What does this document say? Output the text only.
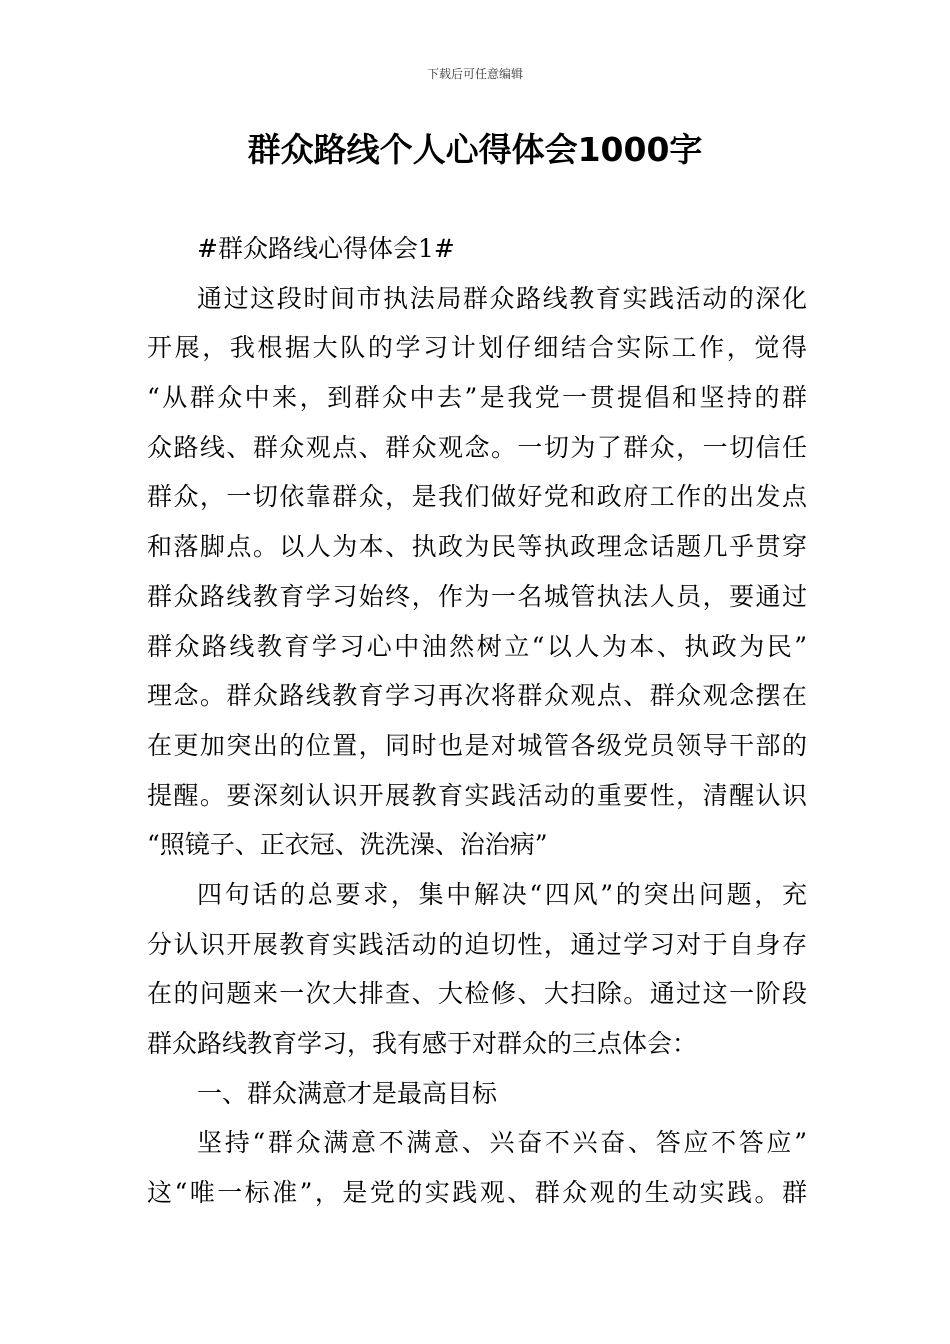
下载后可任意编辑
群众路线个人心得体会1000字
#群众路线心得体会1#
通过这段时间市执法局群众路线教育实践活动的深化
开展，我根据大队的学习计划仔细结合实际工作，觉得
“从群众中来，到群众中去”是我党一贯提倡和坚持的群
众路线、群众观点、群众观念。一切为了群众，一切信任
群众，一切依靠群众，是我们做好党和政府工作的出发点
和落脚点。以人为本、执政为民等执政理念话题几乎贯穿
群众路线教育学习始终，作为一名城管执法人员，要通过
群众路线教育学习心中油然树立“以人为本、执政为民”
理念。群众路线教育学习再次将群众观点、群众观念摆在
在更加突出的位置，同时也是对城管各级党员领导干部的
提醒。要深刻认识开展教育实践活动的重要性，清醒认识
“照镜子、正衣冠、洗洗澡、治治病”
四句话的总要求，集中解决“四风”的突出问题，充
分认识开展教育实践活动的迫切性，通过学习对于自身存
在的问题来一次大排查、大检修、大扫除。通过这一阶段
群众路线教育学习，我有感于对群众的三点体会：
一、群众满意才是最高目标
坚持“群众满意不满意、兴奋不兴奋、答应不答应”
这“唯一标准”，是党的实践观、群众观的生动实践。群
